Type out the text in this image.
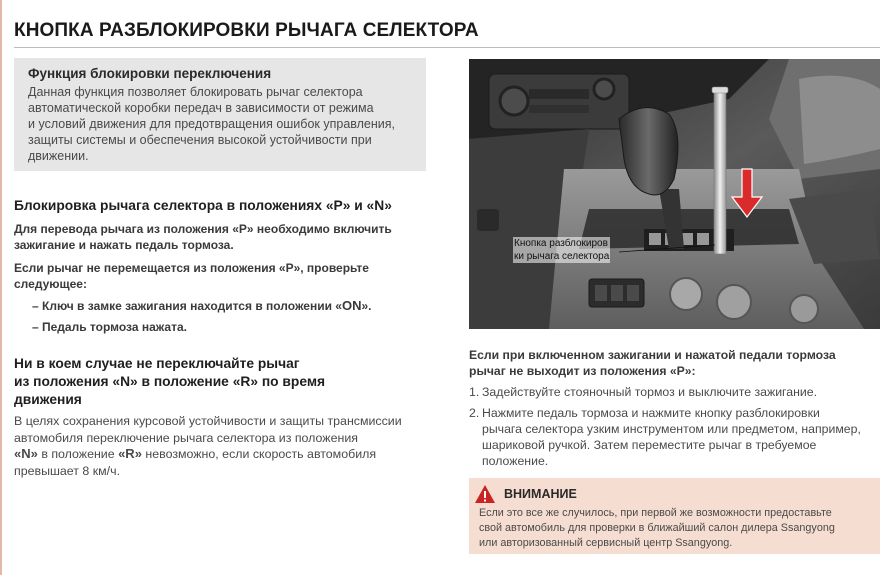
КНОПКА РАЗБЛОКИРОВКИ РЫЧАГА СЕЛЕКТОРА
Функция блокировки переключения
Данная функция позволяет блокировать рычаг селектора
автоматической коробки передач в зависимости от режима
и условий движения для предотвращения ошибок управления,
защиты системы и обеспечения высокой устойчивости при
движении.
Блокировка рычага селектора в положениях «P» и «N»
Для перевода рычага из положения «P» необходимо включить
зажигание и нажать педаль тормоза.
Если рычаг не перемещается из положения «P», проверьте
следующее:
– Ключ в замке зажигания находится в положении «ON».
– Педаль тормоза нажата.
Ни в коем случае не переключайте рычаг
из положения «N» в положение «R» по время
движения
В целях сохранения курсовой устойчивости и защиты трансмиссии
автомобиля переключение рычага селектора из положения
«N» в положение «R» невозможно, если скорость автомобиля
превышает 8 км/ч.
Кнопка разблокиров
ки рычага селектора
Если при включенном зажигании и нажатой педали тормоза
рычаг не выходит из положения «P»:
1. Задействуйте стояночный тормоз и выключите зажигание.
2. Нажмите педаль тормоза и нажмите кнопку разблокировки
рычага селектора узким инструментом или предметом, например,
шариковой ручкой. Затем переместите рычаг в требуемое
положение.
ВНИМАНИЕ
Если это все же случилось, при первой же возможности предоставьте
свой автомобиль для проверки в ближайший салон дилера Ssangyong
или авторизованный сервисный центр Ssangyong.
